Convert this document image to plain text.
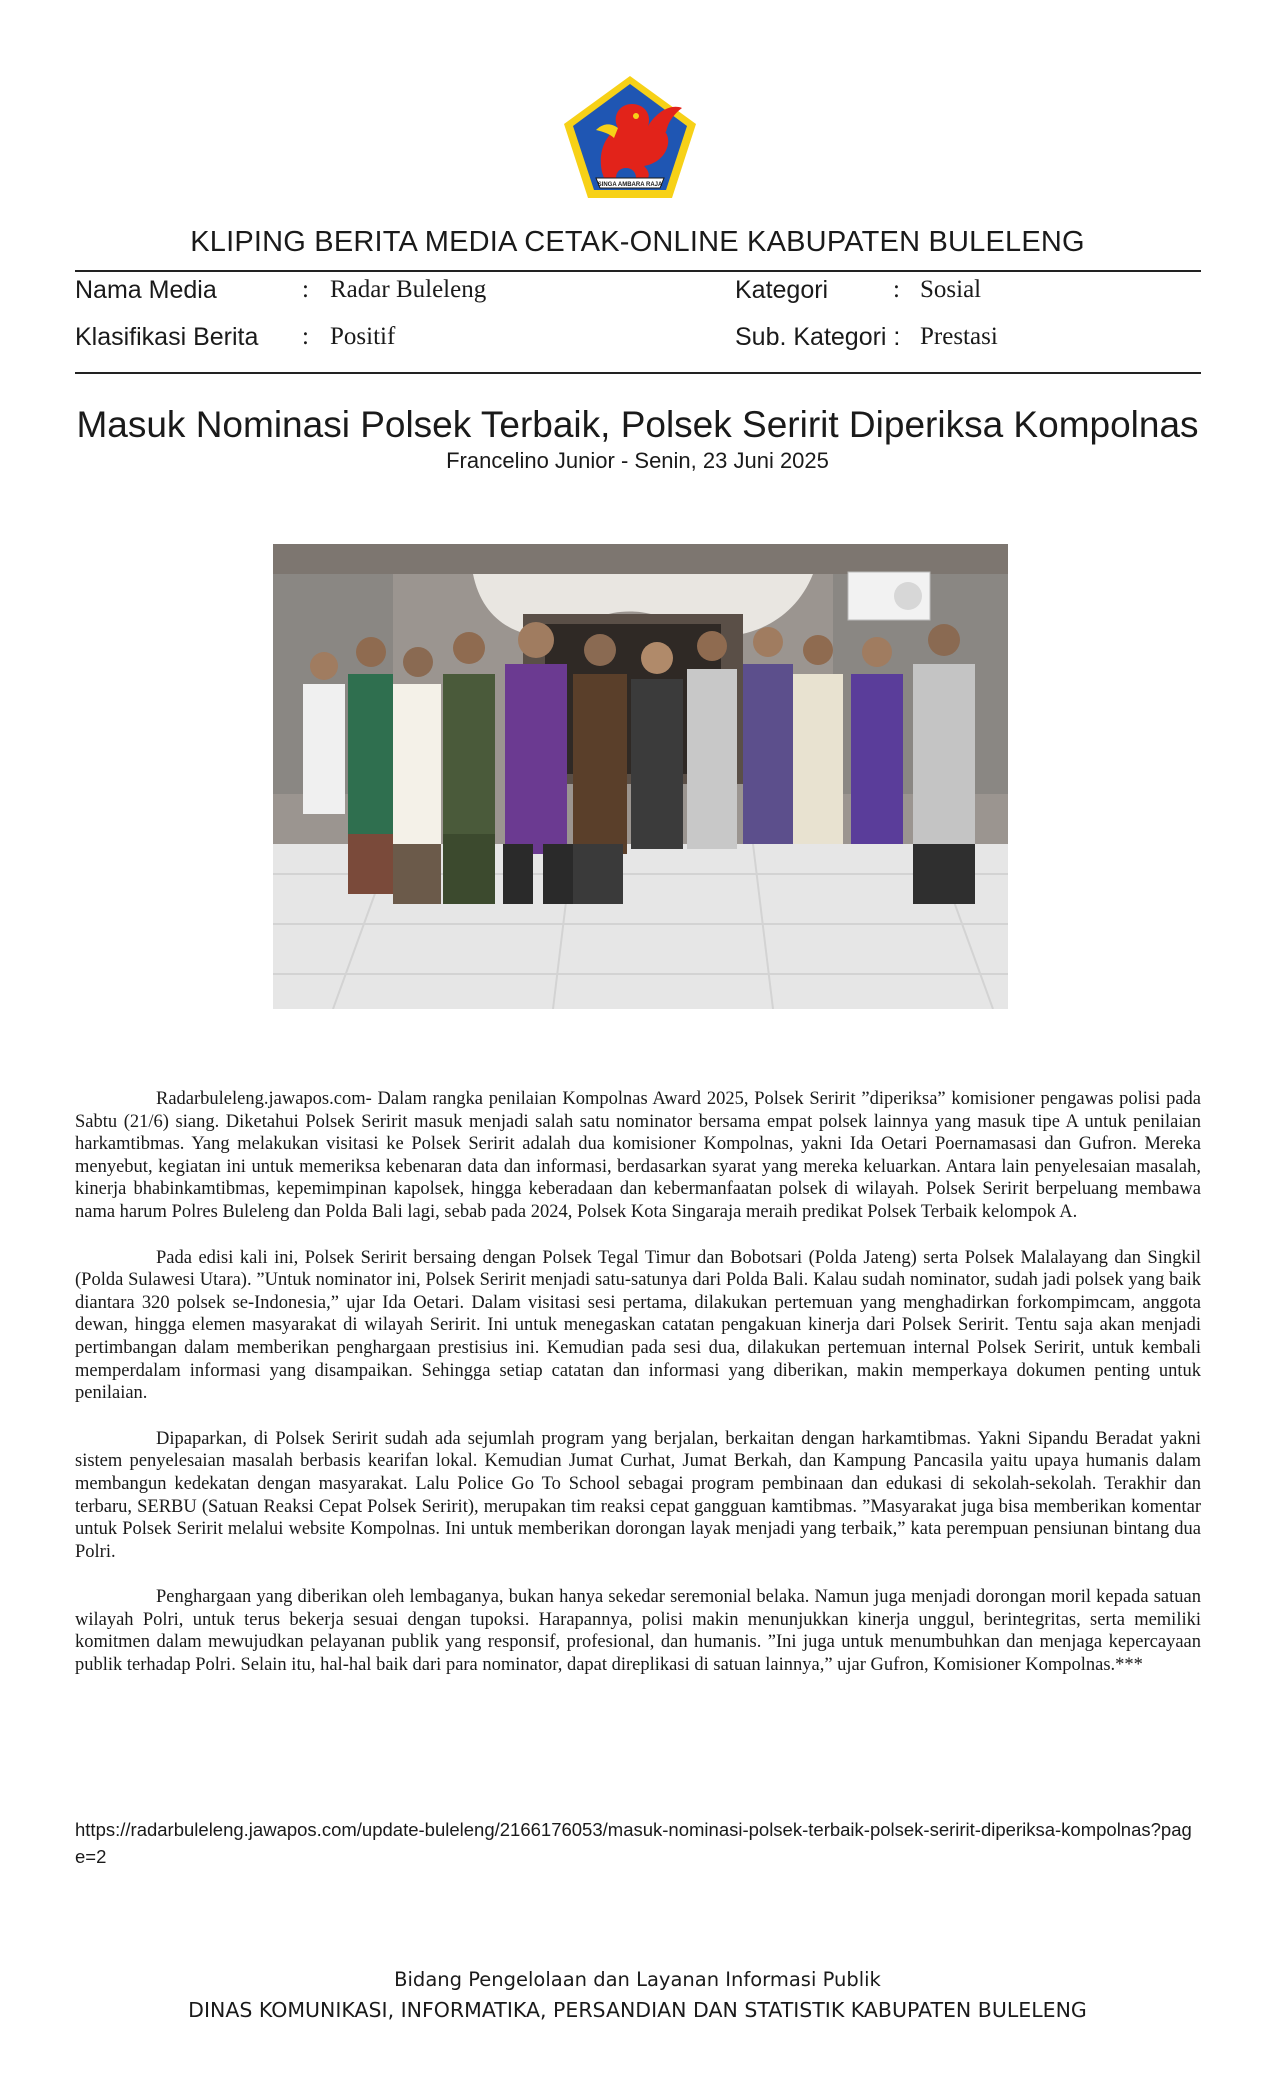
SINGA AMBARA RAJA
KLIPING BERITA MEDIA CETAK-ONLINE KABUPATEN BULELENG
Nama Media	: Radar Buleleng	Kategori	: Sosial
Klasifikasi Berita : Positif	Sub. Kategori : Prestasi
Masuk Nominasi Polsek Terbaik, Polsek Seririt Diperiksa Kompolnas
Francelino Junior - Senin, 23 Juni 2025

Radarbuleleng.jawapos.com- Dalam rangka penilaian Kompolnas Award 2025, Polsek Seririt ”diperiksa” komisioner pengawas polisi pada Sabtu (21/6) siang. Diketahui Polsek Seririt masuk menjadi salah satu nominator bersama empat polsek lainnya yang masuk tipe A untuk penilaian harkamtibmas. Yang melakukan visitasi ke Polsek Seririt adalah dua komisioner Kompolnas, yakni Ida Oetari Poernamasasi dan Gufron. Mereka menyebut, kegiatan ini untuk memeriksa kebenaran data dan informasi, berdasarkan syarat yang mereka keluarkan. Antara lain penyelesaian masalah, kinerja bhabinkamtibmas, kepemimpinan kapolsek, hingga keberadaan dan kebermanfaatan polsek di wilayah. Polsek Seririt berpeluang membawa nama harum Polres Buleleng dan Polda Bali lagi, sebab pada 2024, Polsek Kota Singaraja meraih predikat Polsek Terbaik kelompok A.

Pada edisi kali ini, Polsek Seririt bersaing dengan Polsek Tegal Timur dan Bobotsari (Polda Jateng) serta Polsek Malalayang dan Singkil (Polda Sulawesi Utara). ”Untuk nominator ini, Polsek Seririt menjadi satu-satunya dari Polda Bali. Kalau sudah nominator, sudah jadi polsek yang baik diantara 320 polsek se-Indonesia,” ujar Ida Oetari. Dalam visitasi sesi pertama, dilakukan pertemuan yang menghadirkan forkompimcam, anggota dewan, hingga elemen masyarakat di wilayah Seririt. Ini untuk menegaskan catatan pengakuan kinerja dari Polsek Seririt. Tentu saja akan menjadi pertimbangan dalam memberikan penghargaan prestisius ini. Kemudian pada sesi dua, dilakukan pertemuan internal Polsek Seririt, untuk kembali memperdalam informasi yang disampaikan. Sehingga setiap catatan dan informasi yang diberikan, makin memperkaya dokumen penting untuk penilaian.

Dipaparkan, di Polsek Seririt sudah ada sejumlah program yang berjalan, berkaitan dengan harkamtibmas. Yakni Sipandu Beradat yakni sistem penyelesaian masalah berbasis kearifan lokal. Kemudian Jumat Curhat, Jumat Berkah, dan Kampung Pancasila yaitu upaya humanis dalam membangun kedekatan dengan masyarakat. Lalu Police Go To School sebagai program pembinaan dan edukasi di sekolah-sekolah. Terakhir dan terbaru, SERBU (Satuan Reaksi Cepat Polsek Seririt), merupakan tim reaksi cepat gangguan kamtibmas. ”Masyarakat juga bisa memberikan komentar untuk Polsek Seririt melalui website Kompolnas. Ini untuk memberikan dorongan layak menjadi yang terbaik,” kata perempuan pensiunan bintang dua Polri.

Penghargaan yang diberikan oleh lembaganya, bukan hanya sekedar seremonial belaka. Namun juga menjadi dorongan moril kepada satuan wilayah Polri, untuk terus bekerja sesuai dengan tupoksi. Harapannya, polisi makin menunjukkan kinerja unggul, berintegritas, serta memiliki komitmen dalam mewujudkan pelayanan publik yang responsif, profesional, dan humanis. ”Ini juga untuk menumbuhkan dan menjaga kepercayaan publik terhadap Polri. Selain itu, hal-hal baik dari para nominator, dapat direplikasi di satuan lainnya,” ujar Gufron, Komisioner Kompolnas.***

https://radarbuleleng.jawapos.com/update-buleleng/2166176053/masuk-nominasi-polsek-terbaik-polsek-seririt-diperiksa-kompolnas?page=2
Bidang Pengelolaan dan Layanan Informasi Publik
DINAS KOMUNIKASI, INFORMATIKA, PERSANDIAN DAN STATISTIK KABUPATEN BULELENG
